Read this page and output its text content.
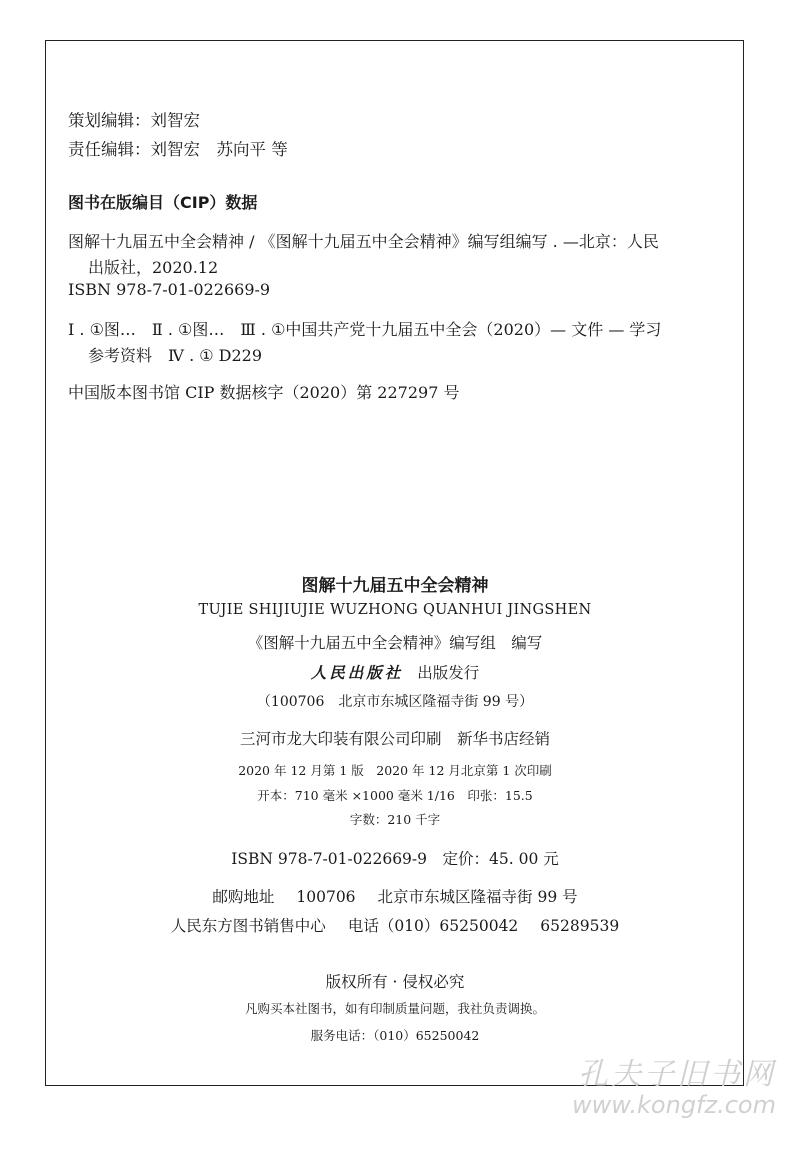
策划编辑：刘智宏
责任编辑：刘智宏　苏向平 等
图书在版编目（CIP）数据
图解十九届五中全会精神 / 《图解十九届五中全会精神》编写组编写 . —北京：人民
出版社，2020.12
ISBN 978-7-01-022669-9
Ⅰ . ①图…　Ⅱ . ①图…　Ⅲ . ①中国共产党十九届五中全会（2020）— 文件 — 学习
参考资料　Ⅳ . ① D229
中国版本图书馆 CIP 数据核字（2020）第 227297 号
图解十九届五中全会精神
TUJIE SHIJIUJIE WUZHONG QUANHUI JINGSHEN
《图解十九届五中全会精神》编写组　编写
人民出版社 出版发行
（100706　北京市东城区隆福寺街 99 号）
三河市龙大印装有限公司印刷　新华书店经销
2020 年 12 月第 1 版　2020 年 12 月北京第 1 次印刷
开本：710 毫米 ×1000 毫米 1/16　印张：15.5
字数：210 千字
ISBN 978-7-01-022669-9　定价：45. 00 元
邮购地址 100706 北京市东城区隆福寺街 99 号
人民东方图书销售中心 电话（010）65250042 65289539
版权所有 · 侵权必究
凡购买本社图书，如有印制质量问题，我社负责调换。
服务电话：（010）65250042
孔夫子旧书网
www.kongfz.com
